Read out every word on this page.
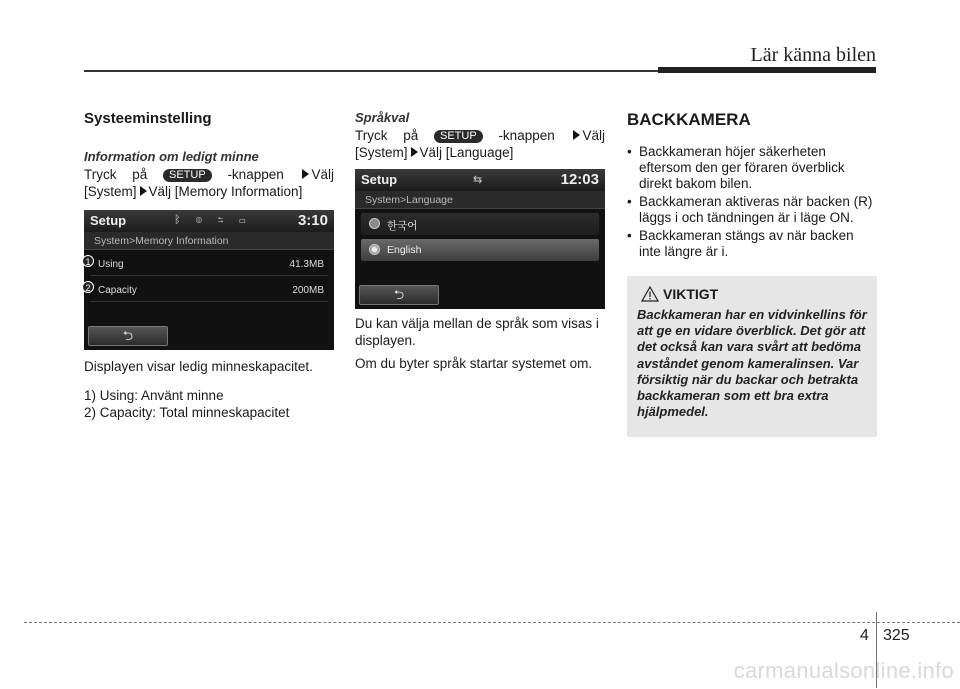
Lär känna bilen
Systeeminstelling
Information om ledigt minne
Tryck på SETUP -knappen Välj
[System] Välj [Memory Information]
Setup	ᛒ ◎ ⇆ ▭	3:10
System>Memory Information
Using	41.3MB
Capacity	200MB
⮌
1
2
Displayen visar ledig minneskapacitet.
1) Using: Använt minne
2) Capacity: Total minneskapacitet
Språkval
Tryck på SETUP -knappen Välj
[System] Välj [Language]
Setup	⇆	12:03
System>Language
한국어
English
⮌
Du kan välja mellan de språk som visas i displayen.
Om du byter språk startar systemet om.
BACKKAMERA
• Backkameran höjer säkerheten eftersom den ger föraren överblick direkt bakom bilen.
• Backkameran aktiveras när backen (R) läggs i och tändningen är i läge ON.
• Backkameran stängs av när backen inte längre är i.
VIKTIGT
Backkameran har en vidvinkellins för att ge en vidare överblick. Det gör att det också kan vara svårt att bedöma avståndet genom kameralinsen. Var försiktig när du backar och betrakta backkameran som ett bra extra hjälpmedel.
4 325
carmanualsonline.info
